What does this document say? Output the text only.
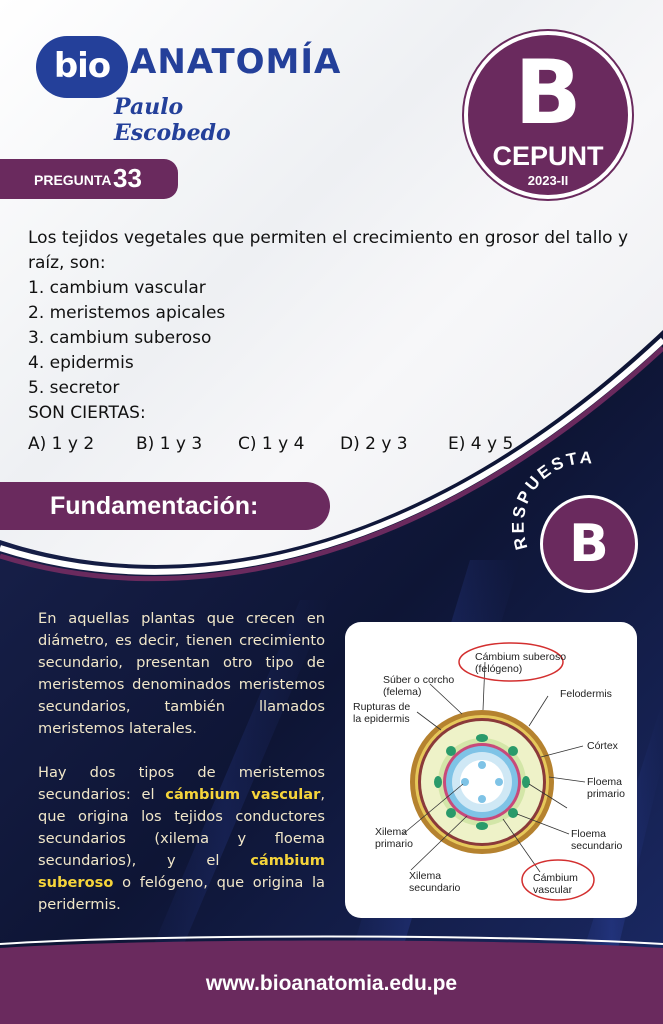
bio ANATOMÍA
Paulo Escobedo	B
CEPUNT
2023-II
PREGUNTA 33

Los tejidos vegetales que permiten el crecimiento en grosor del tallo y

raíz, son:

1. cambium vascular

2. meristemos apicales

3. cambium suberoso

4. epidermis

5. secretor

SON CIERTAS:

A) 1 y 2 B) 1 y 3 C) 1 y 4 D) 2 y 3 E) 4 y 5
Fundamentación:
RESPUESTA
B

En aquellas plantas que crecen en diámetro, es decir, tienen crecimiento secundario, presentan otro tipo de meristemos denominados meristemos secundarios, también llamados meristemos laterales.

Hay dos tipos de meristemos secundarios: el cámbium vascular, que origina los tejidos conductores secundarios (xilema y floema secundarios), y el cámbium suberoso o felógeno, que origina la peridermis.

Cámbium suberoso
(felógeno)
Súber o corcho
(felema)	Felodermis
Rupturas de
la epidermis
Córtex
Floema
primario
Xilema
primario
Floema
secundario
Xilema
secundario
Cámbium
vascular
www.bioanatomia.edu.pe
